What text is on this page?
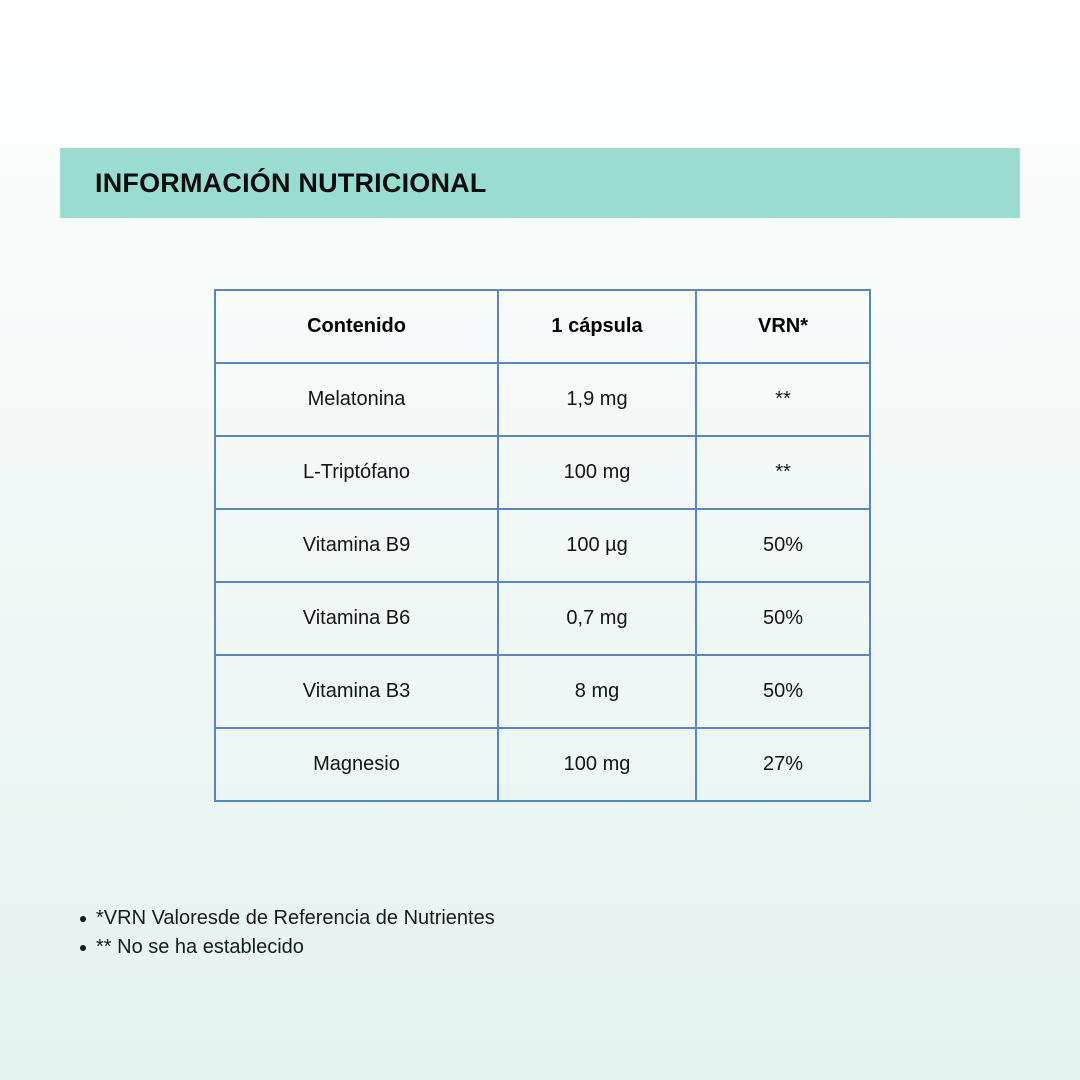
INFORMACIÓN NUTRICIONAL
Contenido	1 cápsula	VRN*
Melatonina	1,9 mg	**
L-Triptófano	100 mg	**
Vitamina B9	100 µg	50%
Vitamina B6	0,7 mg	50%
Vitamina B3	8 mg	50%
Magnesio	100 mg	27%
*VRN Valoresde de Referencia de Nutrientes
** No se ha establecido
